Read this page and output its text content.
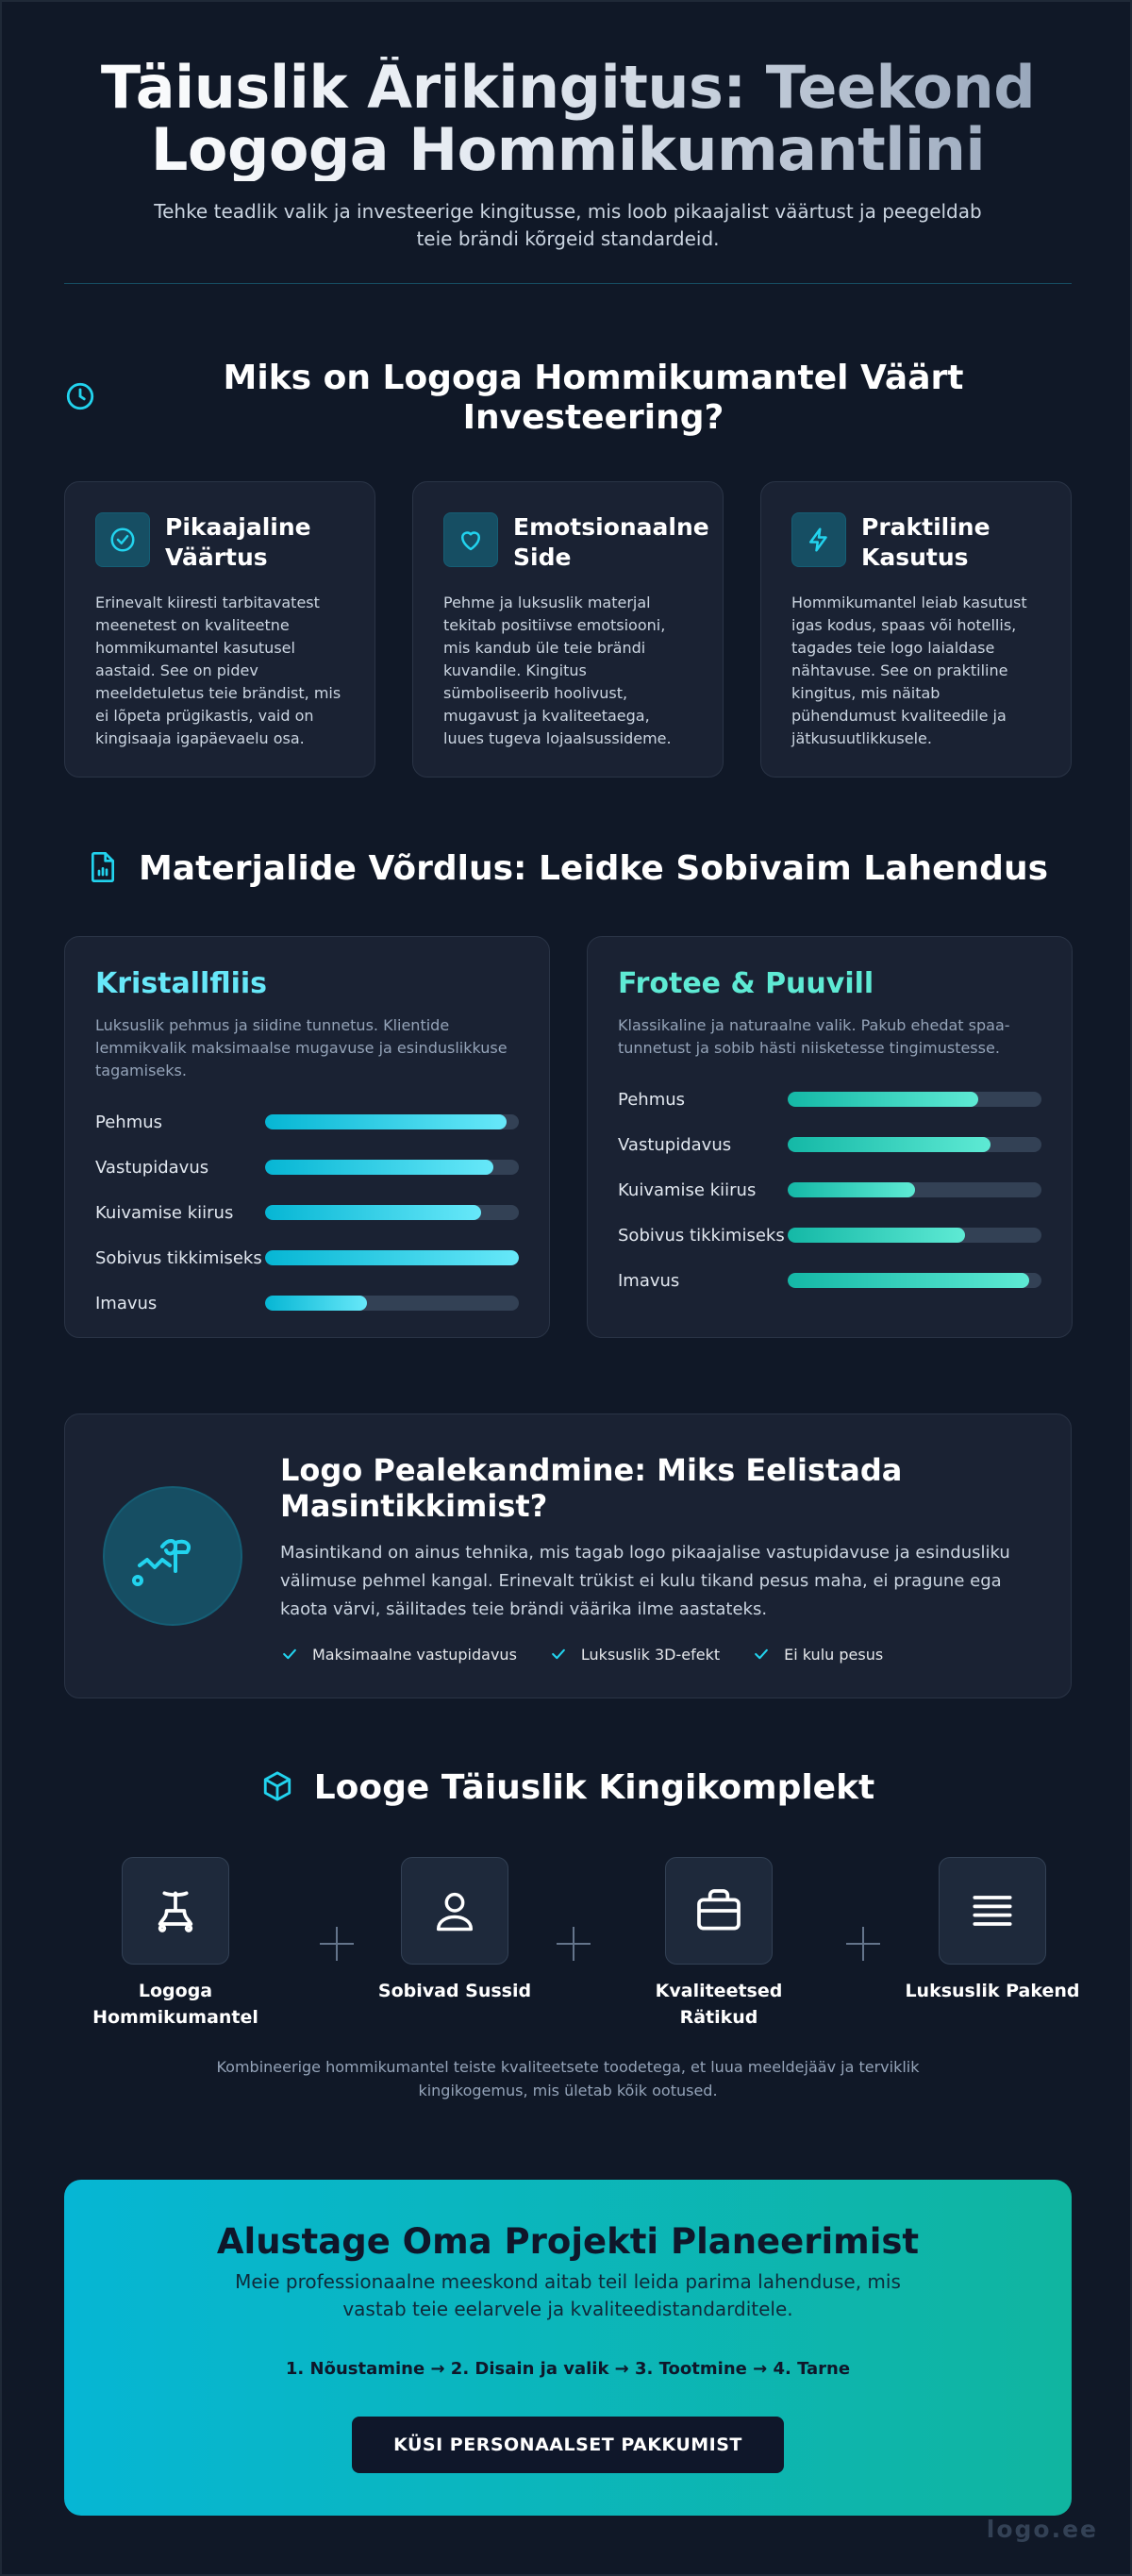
Täiuslik Ärikingitus: Teekond Logoga Hommikumantlini

Tehke teadlik valik ja investeerige kingitusse, mis loob pikaajalist väärtust ja peegeldab teie brändi kõrgeid standardeid.

Miks on Logoga Hommikumantel Väärt Investeering?
Pikaajaline Väärtus

Erinevalt kiiresti tarbitavatest meenetest on kvaliteetne hommikumantel kasutusel aastaid. See on pidev meeldetuletus teie brändist, mis ei lõpeta prügikastis, vaid on kingisaaja igapäevaelu osa.

Emotsionaalne Side

Pehme ja luksuslik materjal tekitab positiivse emotsiooni, mis kandub üle teie brändi kuvandile. Kingitus sümboliseerib hoolivust, mugavust ja kvaliteetaega, luues tugeva lojaalsussideme.

Praktiline Kasutus

Hommikumantel leiab kasutust igas kodus, spaas või hotellis, tagades teie logo laialdase nähtavuse. See on praktiline kingitus, mis näitab pühendumust kvaliteedile ja jätkusuutlikkusele.

Materjalide Võrdlus: Leidke Sobivaim Lahendus
Kristallfliis

Luksuslik pehmus ja siidine tunnetus. Klientide lemmikvalik maksimaalse mugavuse ja esinduslikkuse tagamiseks.

Pehmus
Vastupidavus
Kuivamise kiirus
Sobivus tikkimiseks
Imavus
Frotee & Puuvill

Klassikaline ja naturaalne valik. Pakub ehedat spaa-tunnetust ja sobib hästi niisketesse tingimustesse.

Pehmus
Vastupidavus
Kuivamise kiirus
Sobivus tikkimiseks
Imavus
Logo Pealekandmine: Miks Eelistada Masintikkimist?

Masintikand on ainus tehnika, mis tagab logo pikaajalise vastupidavuse ja esindusliku välimuse pehmel kangal. Erinevalt trükist ei kulu tikand pesus maha, ei pragune ega kaota värvi, säilitades teie brändi väärika ilme aastateks.

Maksimaalne vastupidavus	Luksuslik 3D-efekt	Ei kulu pesus
Looge Täiuslik Kingikomplekt
Logoga Hommikumantel
Sobivad Sussid	Kvaliteetsed Rätikud
Luksuslik Pakend

Kombineerige hommikumantel teiste kvaliteetsete toodetega, et luua meeldejääv ja terviklik kingikogemus, mis ületab kõik ootused.

Alustage Oma Projekti Planeerimist

Meie professionaalne meeskond aitab teil leida parima lahenduse, mis vastab teie eelarvele ja kvaliteedistandarditele.

1. Nõustamine → 2. Disain ja valik → 3. Tootmine → 4. Tarne

KÜSI PERSONAALSET PAKKUMIST
logo.ee
